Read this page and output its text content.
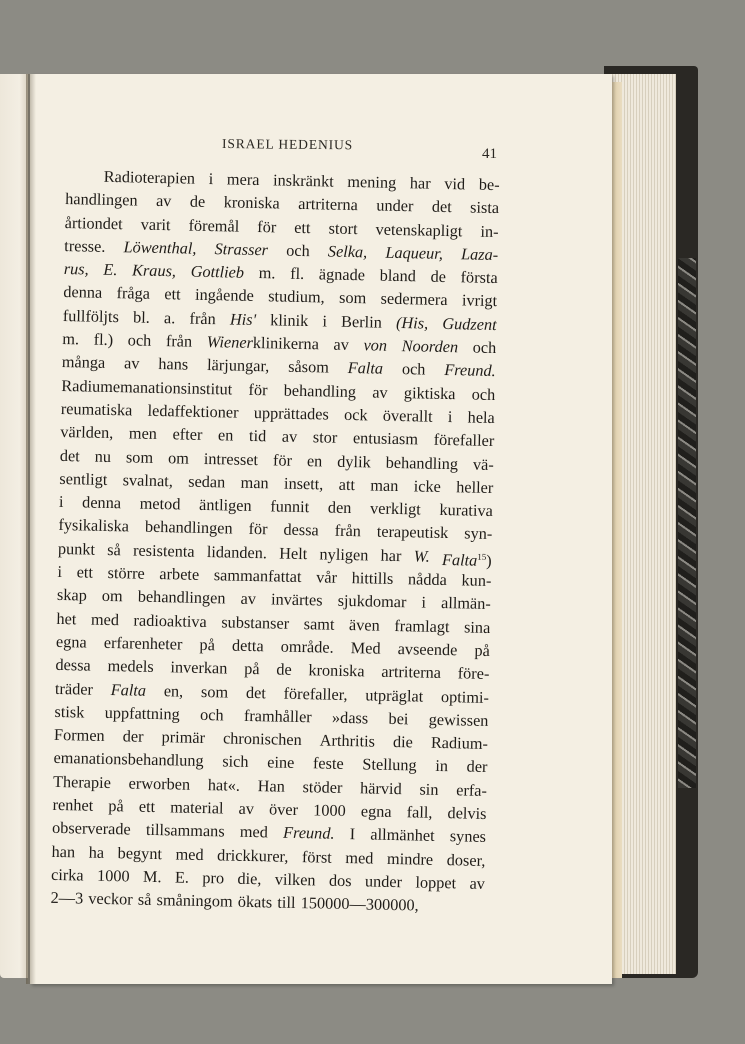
ISRAEL HEDENIUS
41
Radioterapien i mera inskränkt mening har vid be-
handlingen av de kroniska artriterna under det sista
årtiondet varit föremål för ett stort vetenskapligt in-
tresse. Löwenthal, Strasser och Selka, Laqueur, Laza-
rus, E. Kraus, Gottlieb m. fl. ägnade bland de första
denna fråga ett ingående studium, som sedermera ivrigt
fullföljts bl. a. från His' klinik i Berlin (His, Gudzent
m. fl.) och från Wienerklinikerna av von Noorden och
många av hans lärjungar, såsom Falta och Freund.
Radiumemanationsinstitut för behandling av giktiska och
reumatiska ledaffektioner upprättades ock överallt i hela
världen, men efter en tid av stor entusiasm förefaller
det nu som om intresset för en dylik behandling vä-
sentligt svalnat, sedan man insett, att man icke heller
i denna metod äntligen funnit den verkligt kurativa
fysikaliska behandlingen för dessa från terapeutisk syn-
punkt så resistenta lidanden. Helt nyligen har W. Falta$^{15}$)
i ett större arbete sammanfattat vår hittills nådda kun-
skap om behandlingen av invärtes sjukdomar i allmän-
het med radioaktiva substanser samt även framlagt sina
egna erfarenheter på detta område. Med avseende på
dessa medels inverkan på de kroniska artriterna före-
träder Falta en, som det förefaller, utpräglat optimi-
stisk uppfattning och framhåller »dass bei gewissen
Formen der primär chronischen Arthritis die Radium-
emanationsbehandlung sich eine feste Stellung in der
Therapie erworben hat«. Han stöder härvid sin erfa-
renhet på ett material av över 1000 egna fall, delvis
observerade tillsammans med Freund. I allmänhet synes
han ha begynt med drickkurer, först med mindre doser,
cirka 1000 M. E. pro die, vilken dos under loppet av
2—3 veckor så småningom ökats till 150000—300000,
